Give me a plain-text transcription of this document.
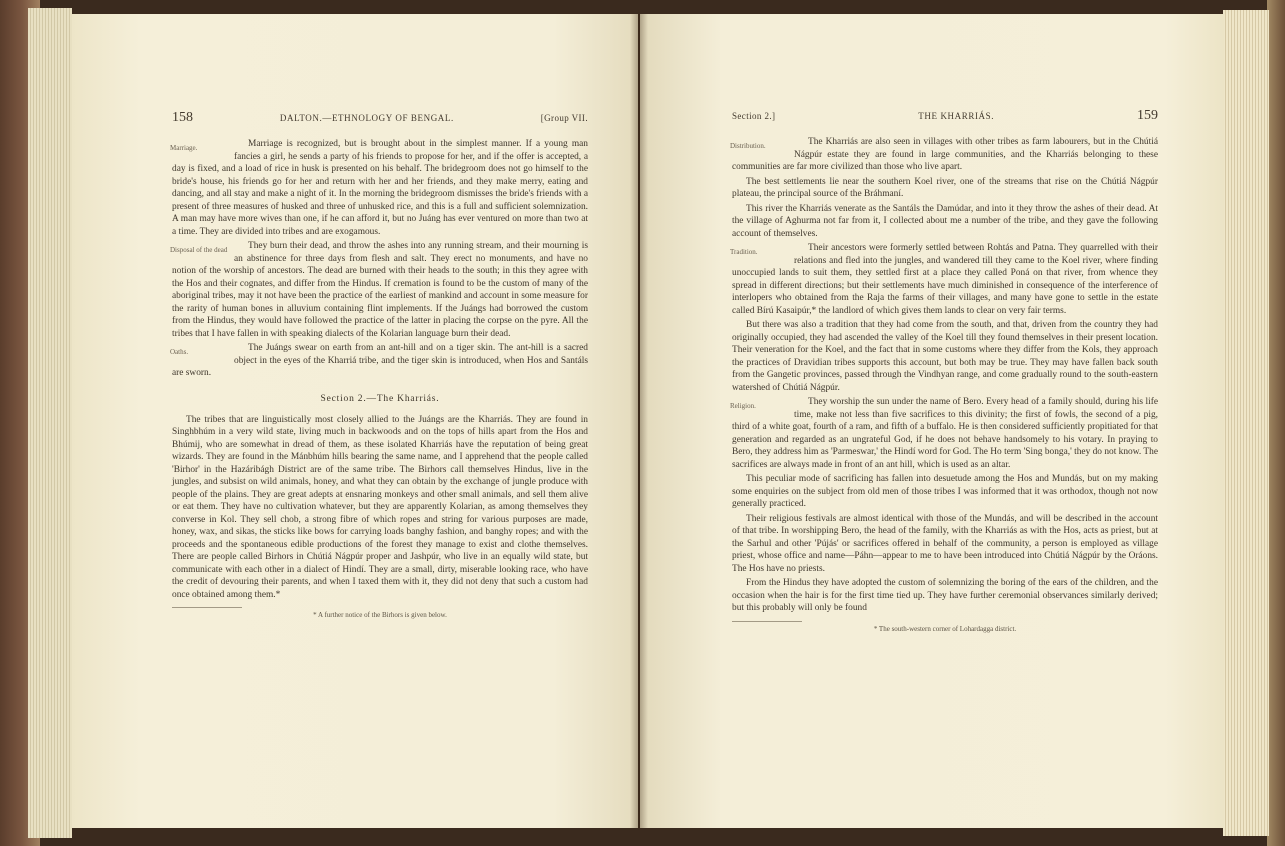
158	DALTON.—ETHNOLOGY OF BENGAL.	[Group VII.

Marriage.	Marriage is recognized, but is brought about in the simplest manner. If a young man fancies a girl, he sends a party of his friends to propose for her, and if the offer is accepted, a day is fixed, and a load of rice in husk is presented on his behalf. The bridegroom does not go himself to the bride's house, his friends go for her and return with her and her friends, and they make merry, eating and dancing, and all stay and make a night of it. In the morning the bridegroom dismisses the bride's friends with a present of three measures of husked and three of unhusked rice, and this is a full and sufficient solemnization. A man may have more wives than one, if he can afford it, but no Juáng has ever ventured on more than two at a time. They are divided into tribes and are exogamous.

Disposal of the dead They burn their dead, and throw the ashes into any running stream, and their mourning is an abstinence for three days from flesh and salt. They erect no monuments, and have no notion of the worship of ancestors. The dead are burned with their heads to the south; in this they agree with the Hos and their cognates, and differ from the Hindus. If cremation is found to be the custom of many of the aboriginal tribes, may it not have been the practice of the earliest of mankind and account in some measure for the rarity of human bones in alluvium containing flint implements. If the Juángs had borrowed the custom from the Hindus, they would have followed the practice of the latter in placing the corpse on the pyre. All the tribes that I have fallen in with speaking dialects of the Kolarian language burn their dead.

Oaths.	The Juángs swear on earth from an ant-hill and on a tiger skin. The ant-hill is a sacred object in the eyes of the Kharriá tribe, and the tiger skin is introduced, when Hos and Santáls are sworn.

Section 2.—The Kharriás.

The tribes that are linguistically most closely allied to the Juángs are the Kharriás. They are found in Singhbhúm in a very wild state, living much in backwoods and on the tops of hills apart from the Hos and Bhúmij, who are somewhat in dread of them, as these isolated Kharriás have the reputation of being great wizards. They are found in the Mánbhúm hills bearing the same name, and I apprehend that the people called 'Birhor' in the Hazáribágh District are of the same tribe. The Birhors call themselves Hindus, live in the jungles, and subsist on wild animals, honey, and what they can obtain by the exchange of jungle produce with people of the plains. They are great adepts at ensnaring monkeys and other small animals, and sell them alive or eat them. They have no cultivation whatever, but they are apparently Kolarian, as among themselves they converse in Kol. They sell chob, a strong fibre of which ropes and string for various purposes are made, honey, wax, and sikas, the sticks like bows for carrying loads banghy fashion, and banghy ropes; and with the proceeds and the spontaneous edible productions of the forest they manage to exist and clothe themselves. There are people called Birhors in Chútiá Nágpúr proper and Jashpúr, who live in an equally wild state, but communicate with each other in a dialect of Hindí. They are a small, dirty, miserable looking race, who have the credit of devouring their parents, and when I taxed them with it, they did not deny that such a custom had once obtained among them.*

* A further notice of the Birhors is given below.
Section 2.]	THE KHARRIÁS.	159

Distribution.	The Kharriás are also seen in villages with other tribes as farm labourers, but in the Chútiá Nágpúr estate they are found in large communities, and the Kharriás belonging to these communities are far more civilized than those who live apart.

The best settlements lie near the southern Koel river, one of the streams that rise on the Chútiá Nágpúr plateau, the principal source of the Bráhmaní.

This river the Kharriás venerate as the Santáls the Damúdar, and into it they throw the ashes of their dead. At the village of Aghurma not far from it, I collected about me a number of the tribe, and they gave the following account of themselves.

Tradition.	Their ancestors were formerly settled between Rohtás and Patna. They quarrelled with their relations and fled into the jungles, and wandered till they came to the Koel river, where finding unoccupied lands to suit them, they settled first at a place they called Poná on that river, from whence they spread in different directions; but their settlements have much diminished in consequence of the interference of interlopers who obtained from the Raja the farms of their villages, and many have gone to settle in the estate called Bírú Kasaipúr,* the landlord of which gives them lands to clear on very fair terms.

But there was also a tradition that they had come from the south, and that, driven from the country they had originally occupied, they had ascended the valley of the Koel till they found themselves in their present location. Their veneration for the Koel, and the fact that in some customs where they differ from the Kols, they approach the practices of Dravidian tribes supports this account, but both may be true. They may have fallen back south from the Gangetic provinces, passed through the Vindhyan range, and come gradually round to the south-eastern watershed of Chútiá Nágpúr.

Religion.	They worship the sun under the name of Bero. Every head of a family should, during his life time, make not less than five sacrifices to this divinity; the first of fowls, the second of a pig, third of a white goat, fourth of a ram, and fifth of a buffalo. He is then considered sufficiently propitiated for that generation and regarded as an ungrateful God, if he does not behave handsomely to his votary. In praying to Bero, they address him as 'Parmeswar,' the Hindí word for God. The Ho term 'Sing bonga,' they do not know. The sacrifices are always made in front of an ant hill, which is used as an altar.

This peculiar mode of sacrificing has fallen into desuetude among the Hos and Mundás, but on my making some enquiries on the subject from old men of those tribes I was informed that it was orthodox, though not now generally practiced.

Their religious festivals are almost identical with those of the Mundás, and will be described in the account of that tribe. In worshipping Bero, the head of the family, with the Kharriás as with the Hos, acts as priest, but at the Sarhul and other 'Pújás' or sacrifices offered in behalf of the community, a person is employed as village priest, whose office and name—Páhn—appear to me to have been introduced into Chútiá Nágpúr by the Oráons. The Hos have no priests.

From the Hindus they have adopted the custom of solemnizing the boring of the ears of the children, and the occasion when the hair is for the first time tied up. They have further ceremonial observances similarly derived; but this probably will only be found

* The south-western corner of Lohardagga district.
